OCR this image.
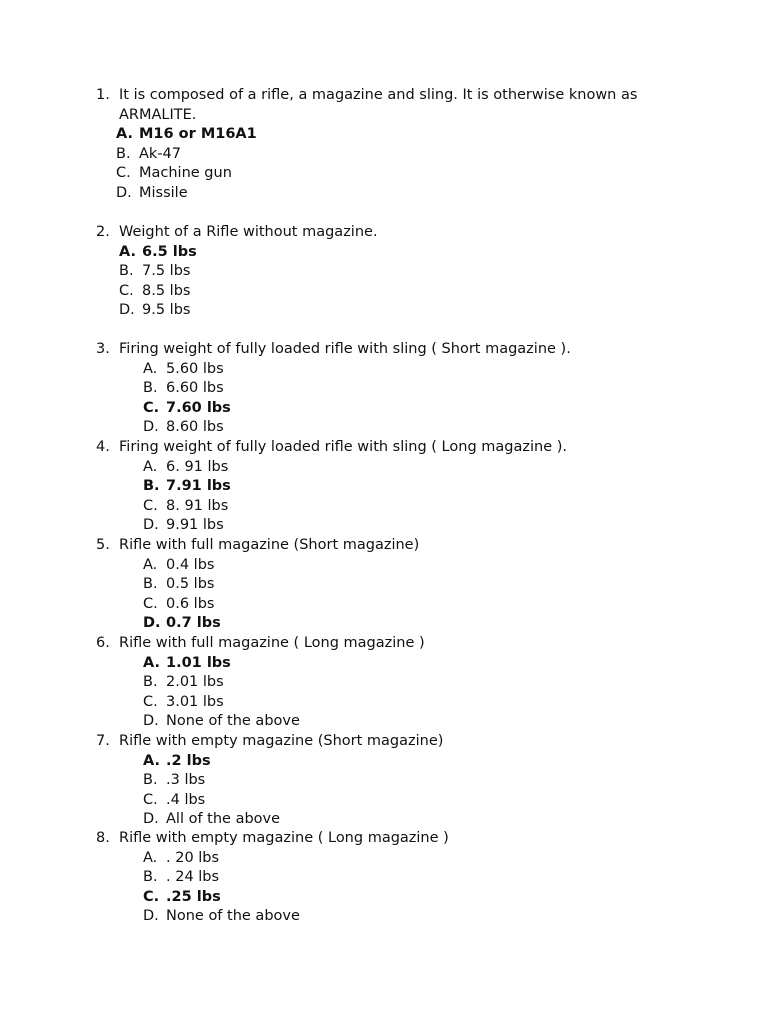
1. It is composed of a rifle, a magazine and sling. It is otherwise known as ARMALITE.
A. M16 or M16A1
B. Ak-47
C. Machine gun
D. Missile
2. Weight of a Rifle without magazine.
A. 6.5 lbs
B. 7.5 lbs
C. 8.5 lbs
D. 9.5 lbs
3. Firing weight of fully loaded rifle with sling ( Short magazine ).
A. 5.60 lbs
B. 6.60 lbs
C. 7.60 lbs
D. 8.60 lbs
4. Firing weight of fully loaded rifle with sling ( Long magazine ).
A. 6. 91 lbs
B. 7.91 lbs
C. 8. 91 lbs
D. 9.91 lbs
5. Rifle with full magazine (Short magazine)
A. 0.4 lbs
B. 0.5 lbs
C. 0.6 lbs
D. 0.7 lbs
6. Rifle with full magazine ( Long magazine )
A. 1.01 lbs
B. 2.01 lbs
C. 3.01 lbs
D. None of the above
7. Rifle with empty magazine (Short magazine)
A. .2 lbs
B. .3 lbs
C. .4 lbs
D. All of the above
8. Rifle with empty magazine ( Long magazine )
A. . 20 lbs
B. . 24 lbs
C. .25 lbs
D. None of the above
